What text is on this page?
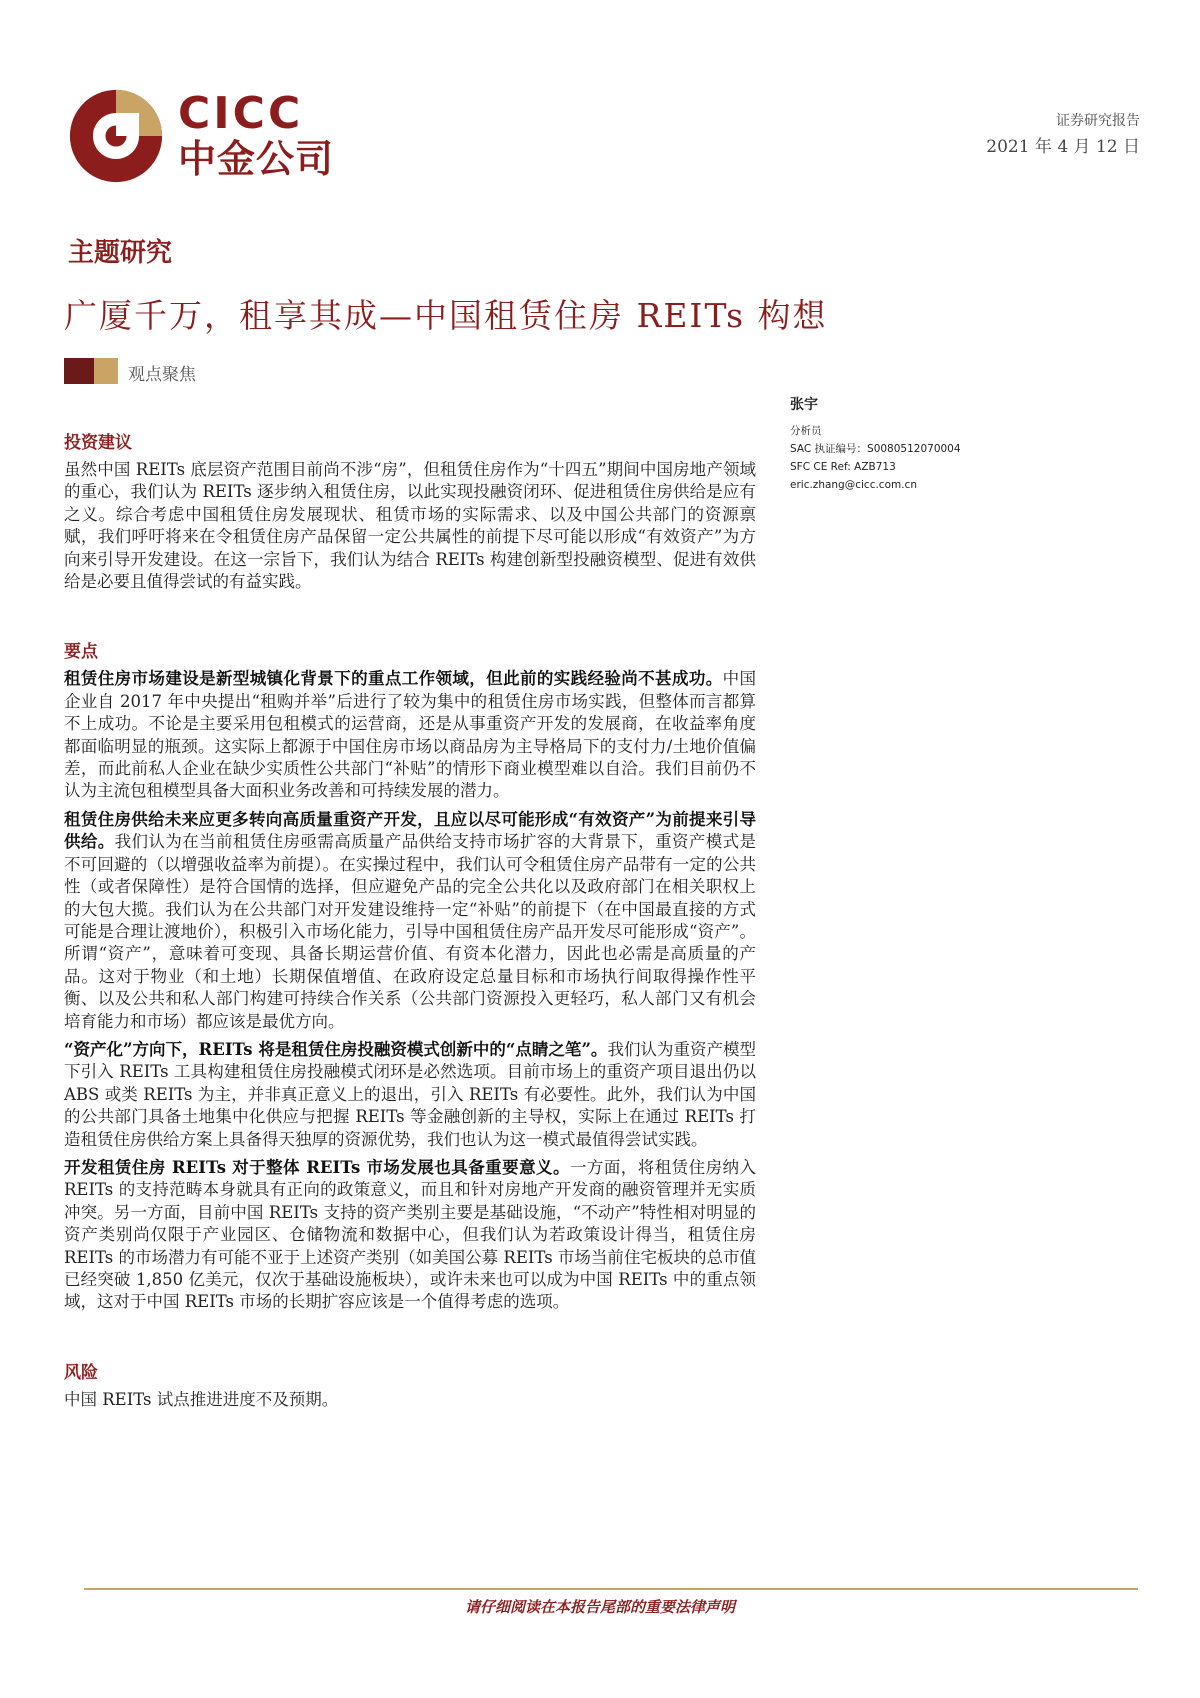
CICC
中金公司
证券研究报告
2021 年 4 月 12 日
主题研究
广厦千万，租享其成—中国租赁住房 REITs 构想
观点聚焦
张宇
分析员
SAC 执证编号：S0080512070004
SFC CE Ref: AZB713
eric.zhang@cicc.com.cn
投资建议

虽然中国 REITs 底层资产范围目前尚不涉“房”，但租赁住房作为“十四五”期间中国房地产领域的重心，我们认为 REITs 逐步纳入租赁住房，以此实现投融资闭环、促进租赁住房供给是应有之义。综合考虑中国租赁住房发展现状、租赁市场的实际需求、以及中国公共部门的资源禀赋，我们呼吁将来在令租赁住房产品保留一定公共属性的前提下尽可能以形成“有效资产”为方向来引导开发建设。在这一宗旨下，我们认为结合 REITs 构建创新型投融资模型、促进有效供给是必要且值得尝试的有益实践。

要点

租赁住房市场建设是新型城镇化背景下的重点工作领域，但此前的实践经验尚不甚成功。中国企业自 2017 年中央提出“租购并举”后进行了较为集中的租赁住房市场实践，但整体而言都算不上成功。不论是主要采用包租模式的运营商，还是从事重资产开发的发展商，在收益率角度都面临明显的瓶颈。这实际上都源于中国住房市场以商品房为主导格局下的支付力/土地价值偏差，而此前私人企业在缺少实质性公共部门“补贴”的情形下商业模型难以自洽。我们目前仍不认为主流包租模型具备大面积业务改善和可持续发展的潜力。

租赁住房供给未来应更多转向高质量重资产开发，且应以尽可能形成“有效资产”为前提来引导供给。我们认为在当前租赁住房亟需高质量产品供给支持市场扩容的大背景下，重资产模式是不可回避的（以增强收益率为前提）。在实操过程中，我们认可令租赁住房产品带有一定的公共性（或者保障性）是符合国情的选择，但应避免产品的完全公共化以及政府部门在相关职权上的大包大揽。我们认为在公共部门对开发建设维持一定“补贴”的前提下（在中国最直接的方式可能是合理让渡地价），积极引入市场化能力，引导中国租赁住房产品开发尽可能形成“资产”。所谓“资产”，意味着可变现、具备长期运营价值、有资本化潜力，因此也必需是高质量的产品。这对于物业（和土地）长期保值增值、在政府设定总量目标和市场执行间取得操作性平衡、以及公共和私人部门构建可持续合作关系（公共部门资源投入更轻巧，私人部门又有机会培育能力和市场）都应该是最优方向。

“资产化”方向下，REITs 将是租赁住房投融资模式创新中的“点睛之笔”。我们认为重资产模型下引入 REITs 工具构建租赁住房投融模式闭环是必然选项。目前市场上的重资产项目退出仍以 ABS 或类 REITs 为主，并非真正意义上的退出，引入 REITs 有必要性。此外，我们认为中国的公共部门具备土地集中化供应与把握 REITs 等金融创新的主导权，实际上在通过 REITs 打造租赁住房供给方案上具备得天独厚的资源优势，我们也认为这一模式最值得尝试实践。

开发租赁住房 REITs 对于整体 REITs 市场发展也具备重要意义。一方面，将租赁住房纳入 REITs 的支持范畴本身就具有正向的政策意义，而且和针对房地产开发商的融资管理并无实质冲突。另一方面，目前中国 REITs 支持的资产类别主要是基础设施，“不动产”特性相对明显的资产类别尚仅限于产业园区、仓储物流和数据中心，但我们认为若政策设计得当，租赁住房 REITs 的市场潜力有可能不亚于上述资产类别（如美国公募 REITs 市场当前住宅板块的总市值已经突破 1,850 亿美元，仅次于基础设施板块），或许未来也可以成为中国 REITs 中的重点领域，这对于中国 REITs 市场的长期扩容应该是一个值得考虑的选项。

风险

中国 REITs 试点推进进度不及预期。

请仔细阅读在本报告尾部的重要法律声明
